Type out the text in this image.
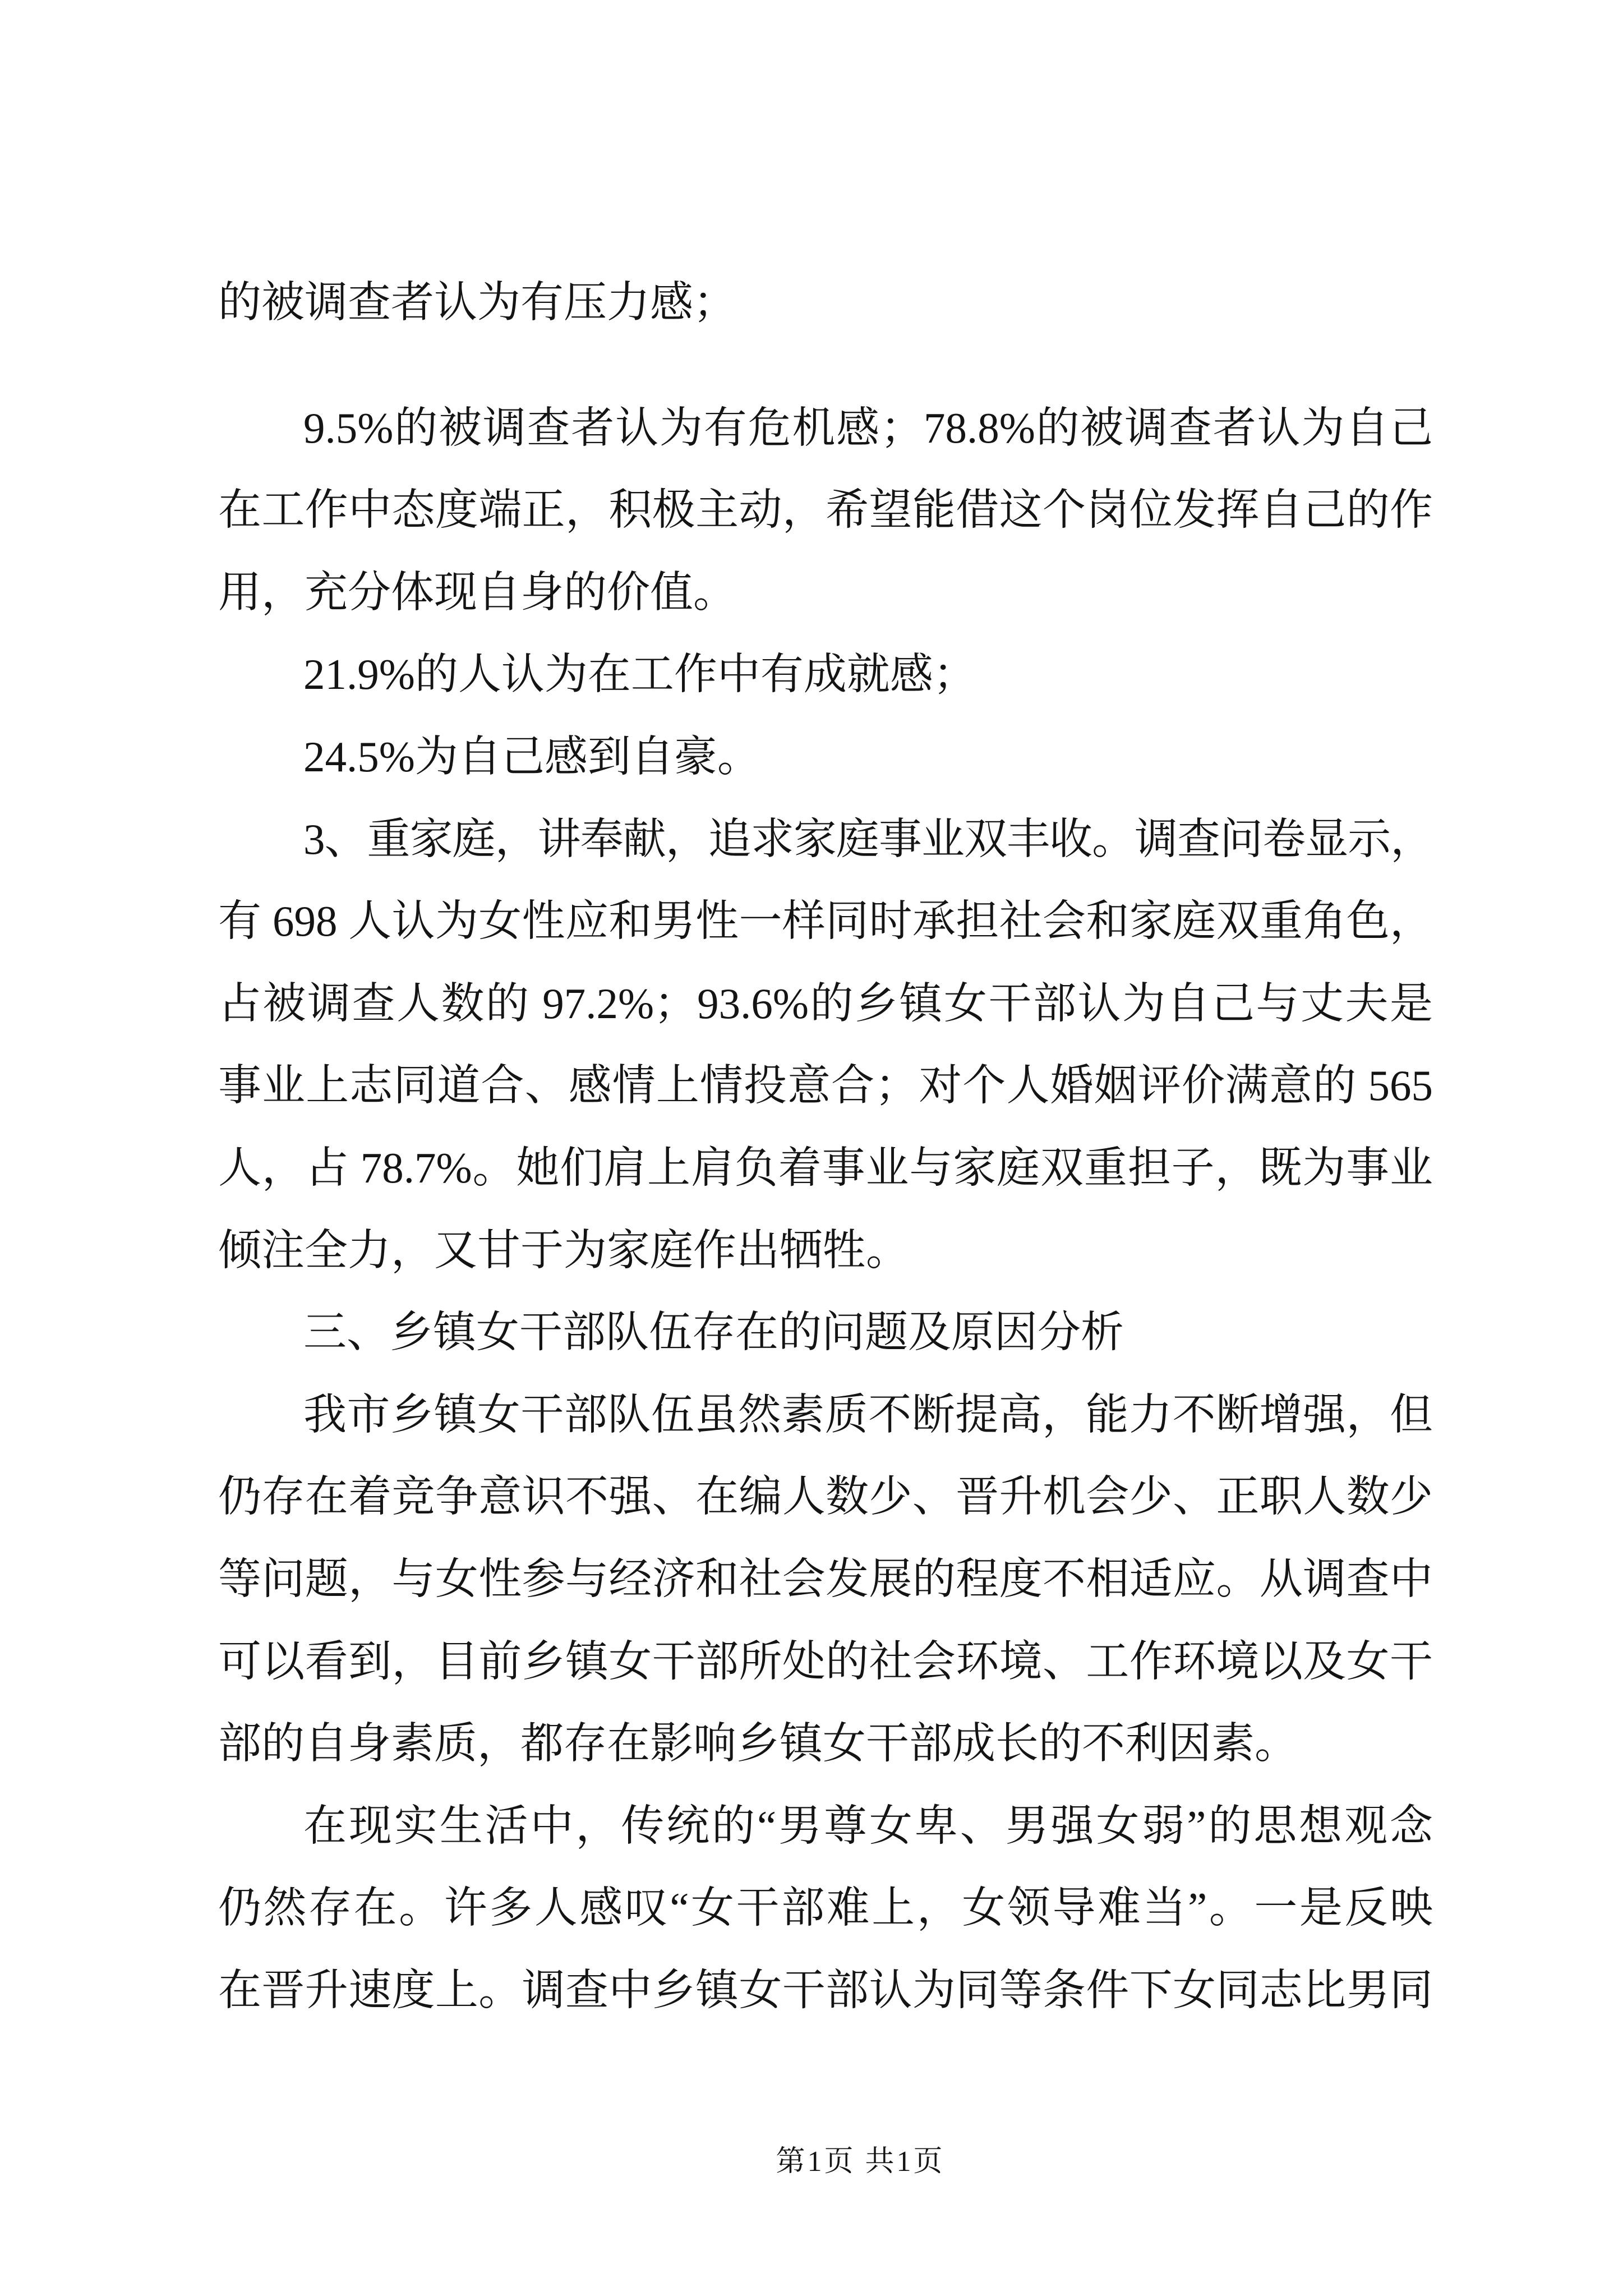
的被调查者认为有压力感；
9.5%的被调查者认为有危机感；78.8%的被调查者认为自己
在工作中态度端正，积极主动，希望能借这个岗位发挥自己的作
用，充分体现自身的价值。
21.9%的人认为在工作中有成就感；
24.5%为自己感到自豪。
3、重家庭，讲奉献，追求家庭事业双丰收。调查问卷显示，
有 698 人认为女性应和男性一样同时承担社会和家庭双重角色，
占被调查人数的 97.2%；93.6%的乡镇女干部认为自己与丈夫是
事业上志同道合、感情上情投意合；对个人婚姻评价满意的 565
人，占 78.7%。她们肩上肩负着事业与家庭双重担子，既为事业
倾注全力，又甘于为家庭作出牺牲。
三、乡镇女干部队伍存在的问题及原因分析
我市乡镇女干部队伍虽然素质不断提高，能力不断增强，但
仍存在着竞争意识不强、在编人数少、晋升机会少、正职人数少
等问题，与女性参与经济和社会发展的程度不相适应。从调查中
可以看到，目前乡镇女干部所处的社会环境、工作环境以及女干
部的自身素质，都存在影响乡镇女干部成长的不利因素。
在现实生活中，传统的“男尊女卑、男强女弱”的思想观念
仍然存在。许多人感叹“女干部难上，女领导难当”。一是反映
在晋升速度上。调查中乡镇女干部认为同等条件下女同志比男同
第1页 共1页
